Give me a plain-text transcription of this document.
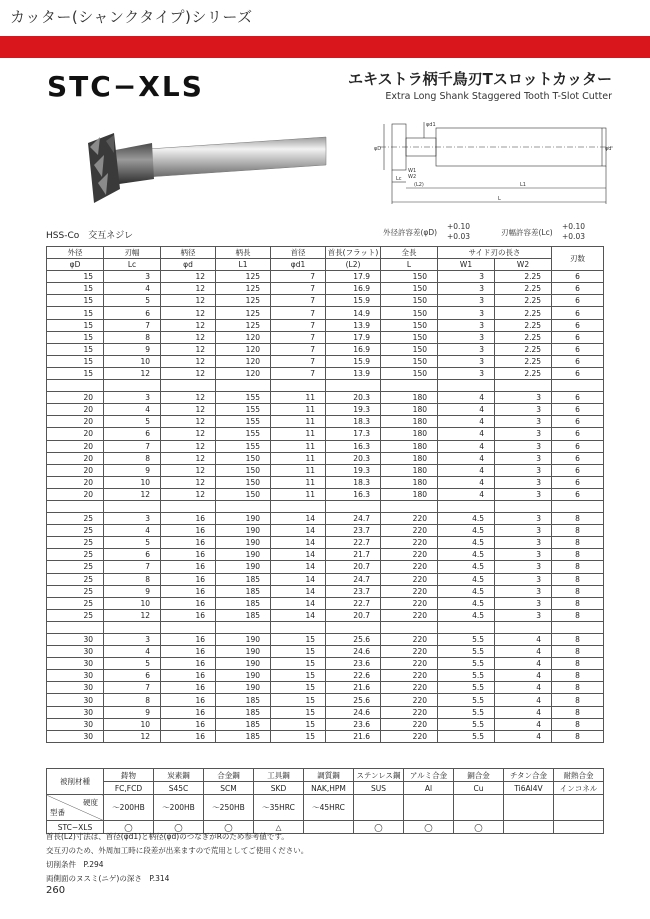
カッター(シャンクタイプ)シリーズ
STC−XLS	エキストラ柄千鳥刃Tスロットカッター
Extra Long Shank Staggered Tooth T-Slot Cutter
φD
φd1
φd
Lc
(L2)	L1
L
W1
W2
HSS-Co　交互ネジレ	外径許容差(φD)
+0.10
+0.03	刃幅許容差(Lc)
+0.10
+0.03
外径	刃幅	柄径	柄長	首径	首長(フラット)	全長	サイド刃の長さ		刃数
φD	Lc	φd	L1	φd1	(L2)	L	W1	W2	
15	3	12	125	7	17.9	150	3	2.25	6
15	4	12	125	7	16.9	150	3	2.25	6
15	5	12	125	7	15.9	150	3	2.25	6
15	6	12	125	7	14.9	150	3	2.25	6
15	7	12	125	7	13.9	150	3	2.25	6
15	8	12	120	7	17.9	150	3	2.25	6
15	9	12	120	7	16.9	150	3	2.25	6
15	10	12	120	7	15.9	150	3	2.25	6
15	12	12	120	7	13.9	150	3	2.25	6

20	3	12	155	11	20.3	180	4	3	6
20	4	12	155	11	19.3	180	4	3	6
20	5	12	155	11	18.3	180	4	3	6
20	6	12	155	11	17.3	180	4	3	6
20	7	12	155	11	16.3	180	4	3	6
20	8	12	150	11	20.3	180	4	3	6
20	9	12	150	11	19.3	180	4	3	6
20	10	12	150	11	18.3	180	4	3	6
20	12	12	150	11	16.3	180	4	3	6

25	3	16	190	14	24.7	220	4.5	3	8
25	4	16	190	14	23.7	220	4.5	3	8
25	5	16	190	14	22.7	220	4.5	3	8
25	6	16	190	14	21.7	220	4.5	3	8
25	7	16	190	14	20.7	220	4.5	3	8
25	8	16	185	14	24.7	220	4.5	3	8
25	9	16	185	14	23.7	220	4.5	3	8
25	10	16	185	14	22.7	220	4.5	3	8
25	12	16	185	14	20.7	220	4.5	3	8

30	3	16	190	15	25.6	220	5.5	4	8
30	4	16	190	15	24.6	220	5.5	4	8
30	5	16	190	15	23.6	220	5.5	4	8
30	6	16	190	15	22.6	220	5.5	4	8
30	7	16	190	15	21.6	220	5.5	4	8
30	8	16	185	15	25.6	220	5.5	4	8
30	9	16	185	15	24.6	220	5.5	4	8
30	10	16	185	15	23.6	220	5.5	4	8
30	12	16	185	15	21.6	220	5.5	4	8
被削材種	鋳物	炭素鋼	合金鋼	工具鋼	調質鋼	ステンレス鋼	アルミ合金	銅合金	チタン合金	耐熱合金
	FC,FCD	S45C	SCM	SKD	NAK,HPM	SUS	Al	Cu	Ti6Al4V	インコネル

硬度
型番	〜200HB	〜200HB	〜250HB	〜35HRC	〜45HRC					
STC−XLS	◯	◯	◯	△		◯	◯	◯		
首長(L2)寸法は、首径(φd1)と柄径(φd)のつなぎがRのため参考値です。
交互刃のため、外周加工時に段差が出来ますので荒用としてご使用ください。
切削条件　P.294
両側面のヌスミ(ニゲ)の深さ　P.314
260
